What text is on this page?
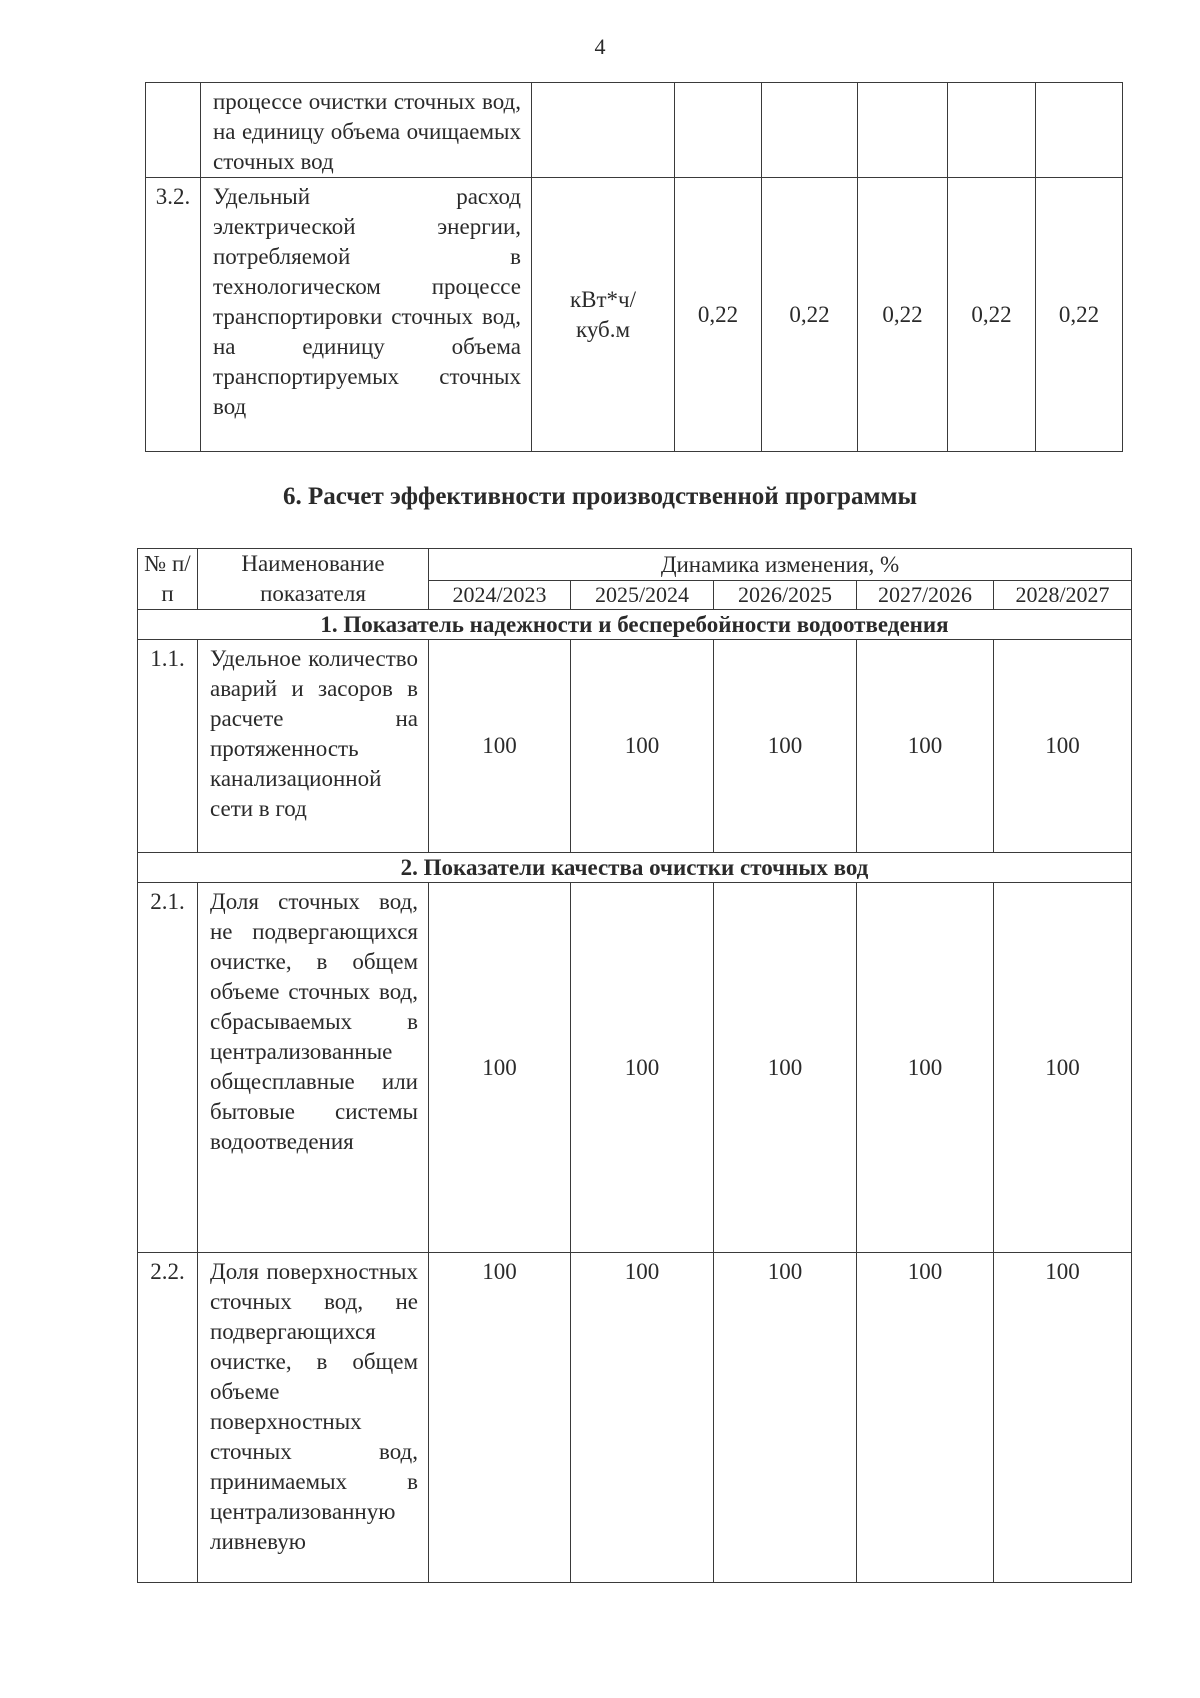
4
	процессе очистки сточных вод, на единицу объема очищаемых сточных вод						
3.2.	Удельный расход электрической энергии, потребляемой в технологическом процессе транспортировки сточных вод, на единицу объема транспортируемых сточных вод	кВт*ч/ куб.м	0,22	0,22	0,22	0,22	0,22
6. Расчет эффективности производственной программы
№ п/п	Наименование показателя	Динамика изменения, %				
		2024/2023	2025/2024	2026/2025	2027/2026	2028/2027
1. Показатель надежности и бесперебойности водоотведения						
1.1.	Удельное количество аварий и засоров в расчете на протяженность канализационной сети в год	100	100	100	100	100
2. Показатели качества очистки сточных вод						
2.1.	Доля сточных вод, не подвергающихся очистке, в общем объеме сточных вод, сбрасываемых в централизованные общесплавные или бытовые системы водоотведения	100	100	100	100	100
2.2.	Доля поверхностных сточных вод, не подвергающихся очистке, в общем объеме поверхностных сточных вод, принимаемых в централизованную ливневую	100	100	100	100	100
